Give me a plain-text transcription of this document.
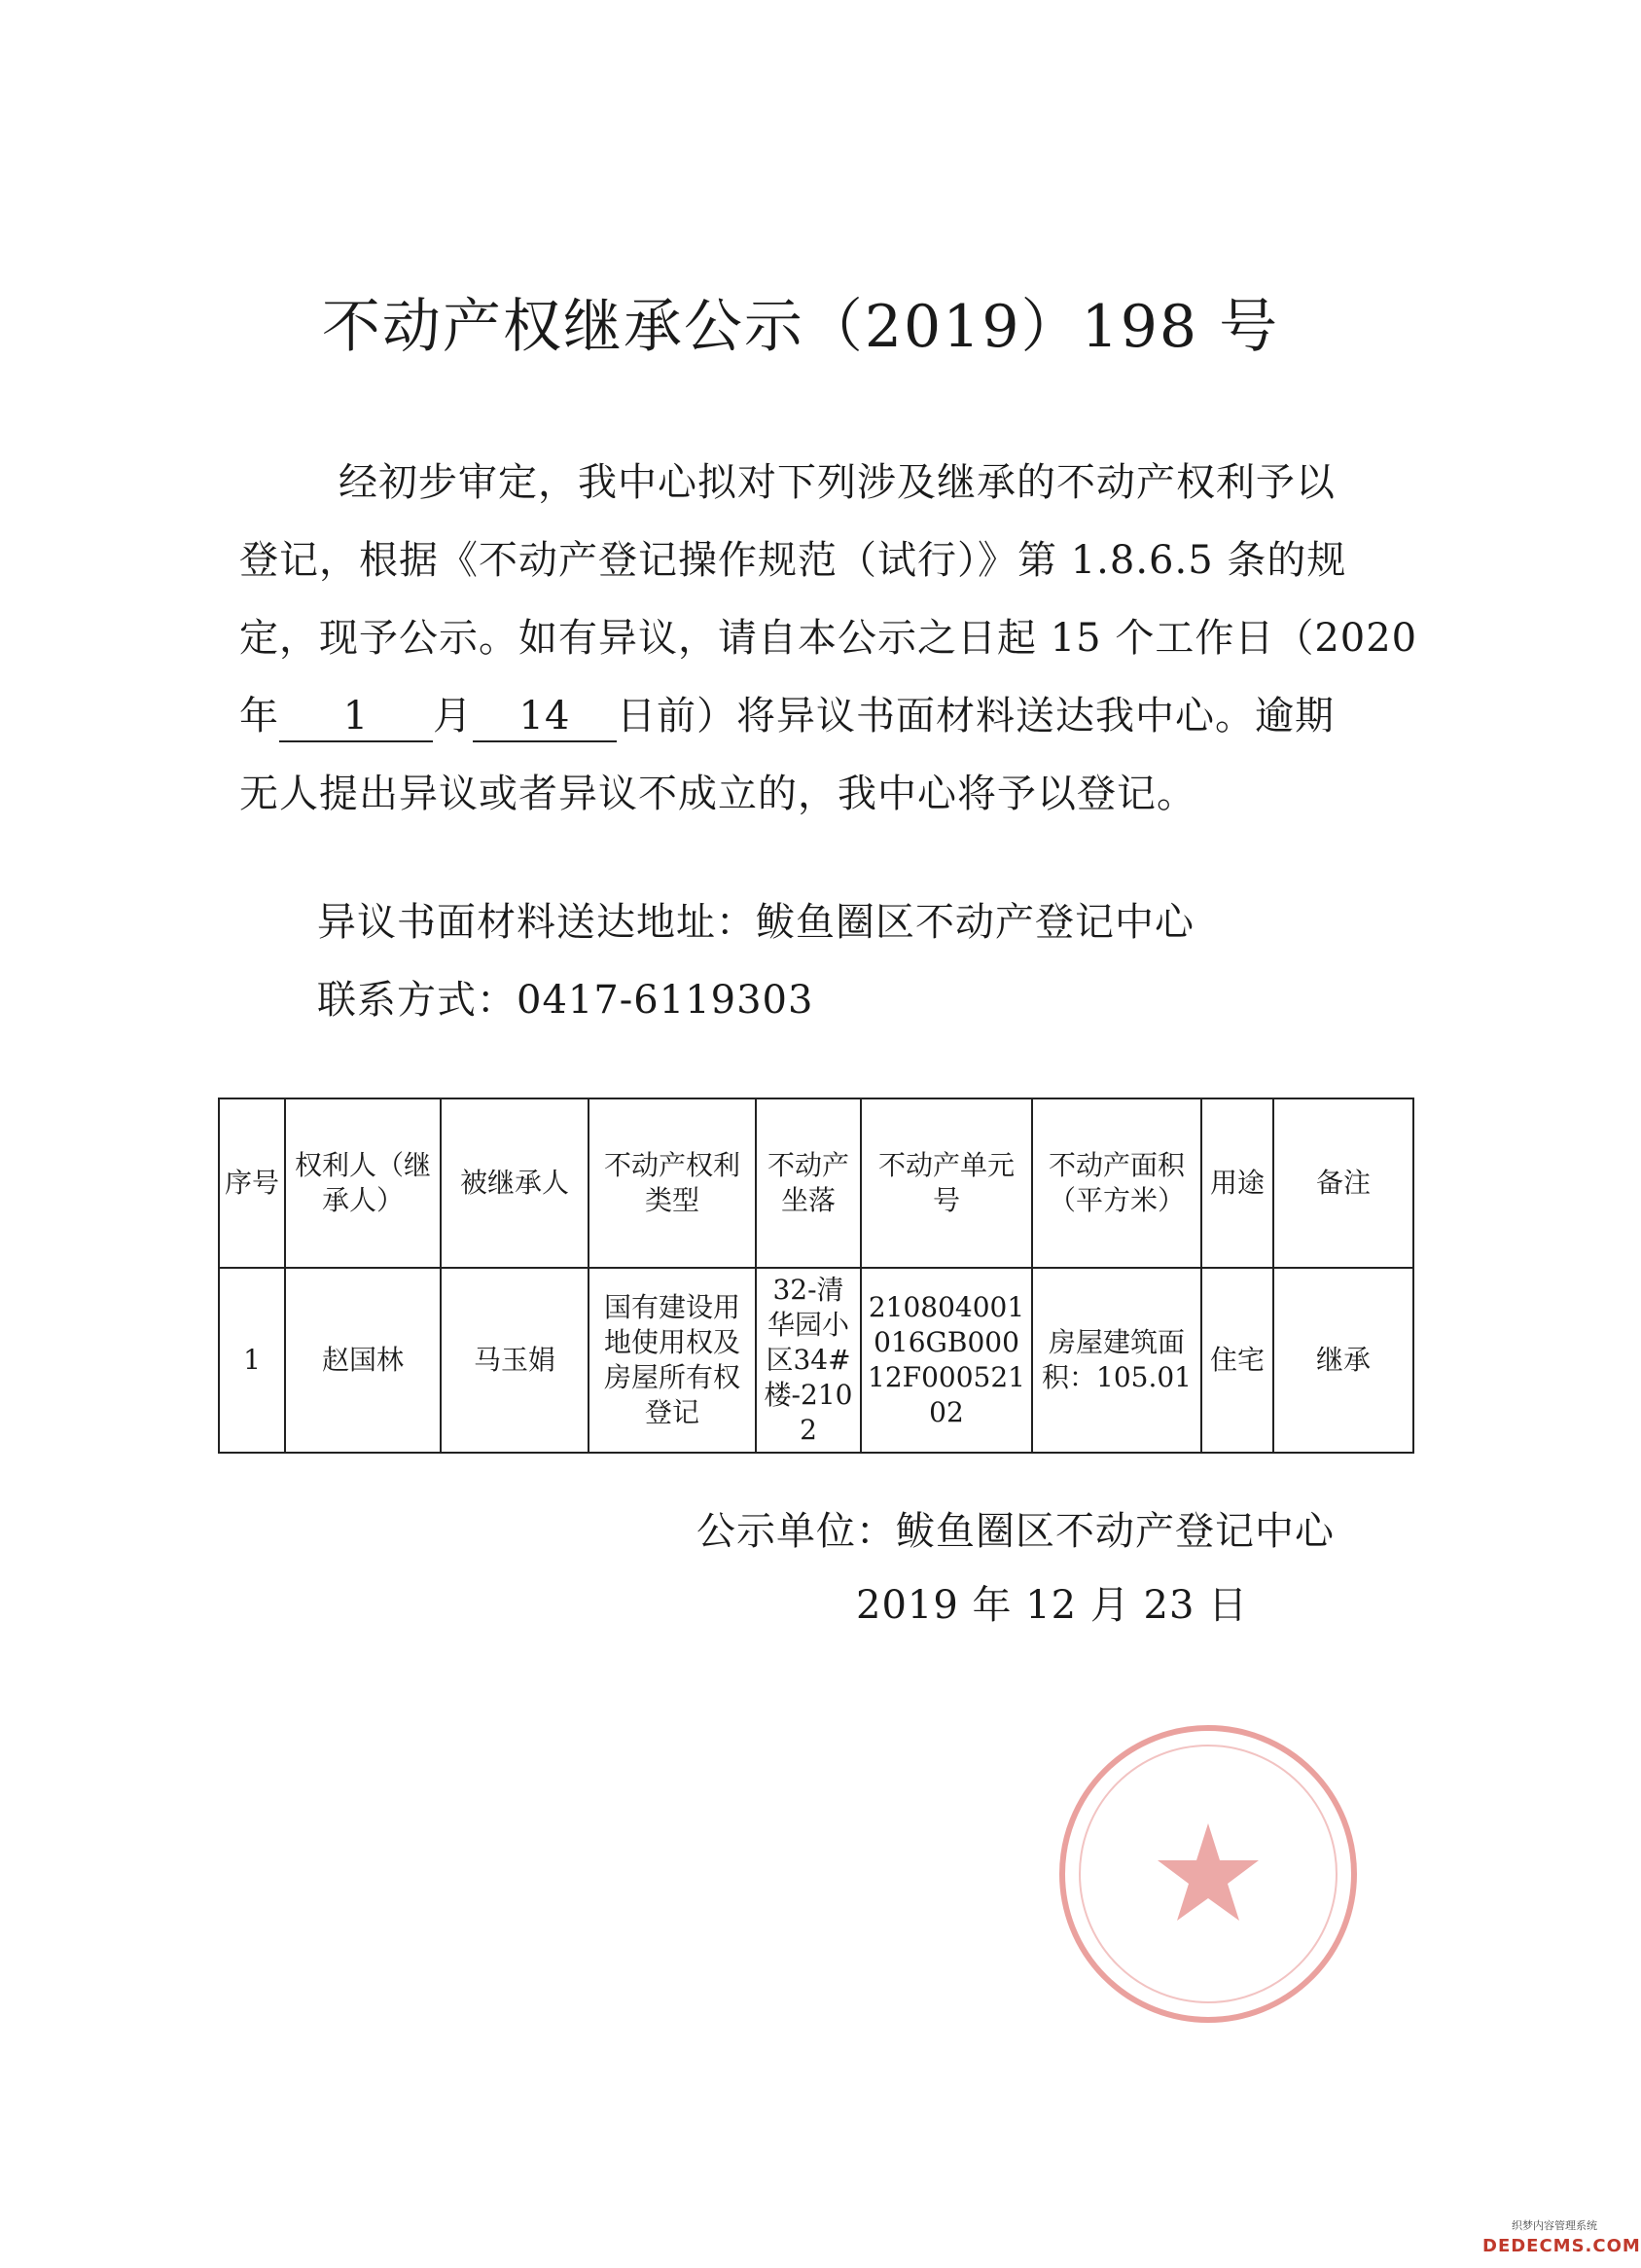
不动产权继承公示（2019）198 号
经初步审定，我中心拟对下列涉及继承的不动产权利予以
登记，根据《不动产登记操作规范（试行）》第 1.8.6.5 条的规
定，现予公示。如有异议，请自本公示之日起 15 个工作日（2020
年 1 月 14 日前）将异议书面材料送达我中心。逾期
无人提出异议或者异议不成立的，我中心将予以登记。
异议书面材料送达地址：鲅鱼圈区不动产登记中心
联系方式：0417-6119303
序号	权利人（继承人）	被继承人	不动产权利类型	不动产坐落	不动产单元号	不动产面积（平方米）	用途	备注
1	赵国林	马玉娟	国有建设用地使用权及房屋所有权登记	32-清华园小区34#楼-2102	210804001016GB00012F00052102	房屋建筑面积：105.01	住宅	继承
公示单位：鲅鱼圈区不动产登记中心
2019 年 12 月 23 日
织梦内容管理系统
DEDECMS.COM
